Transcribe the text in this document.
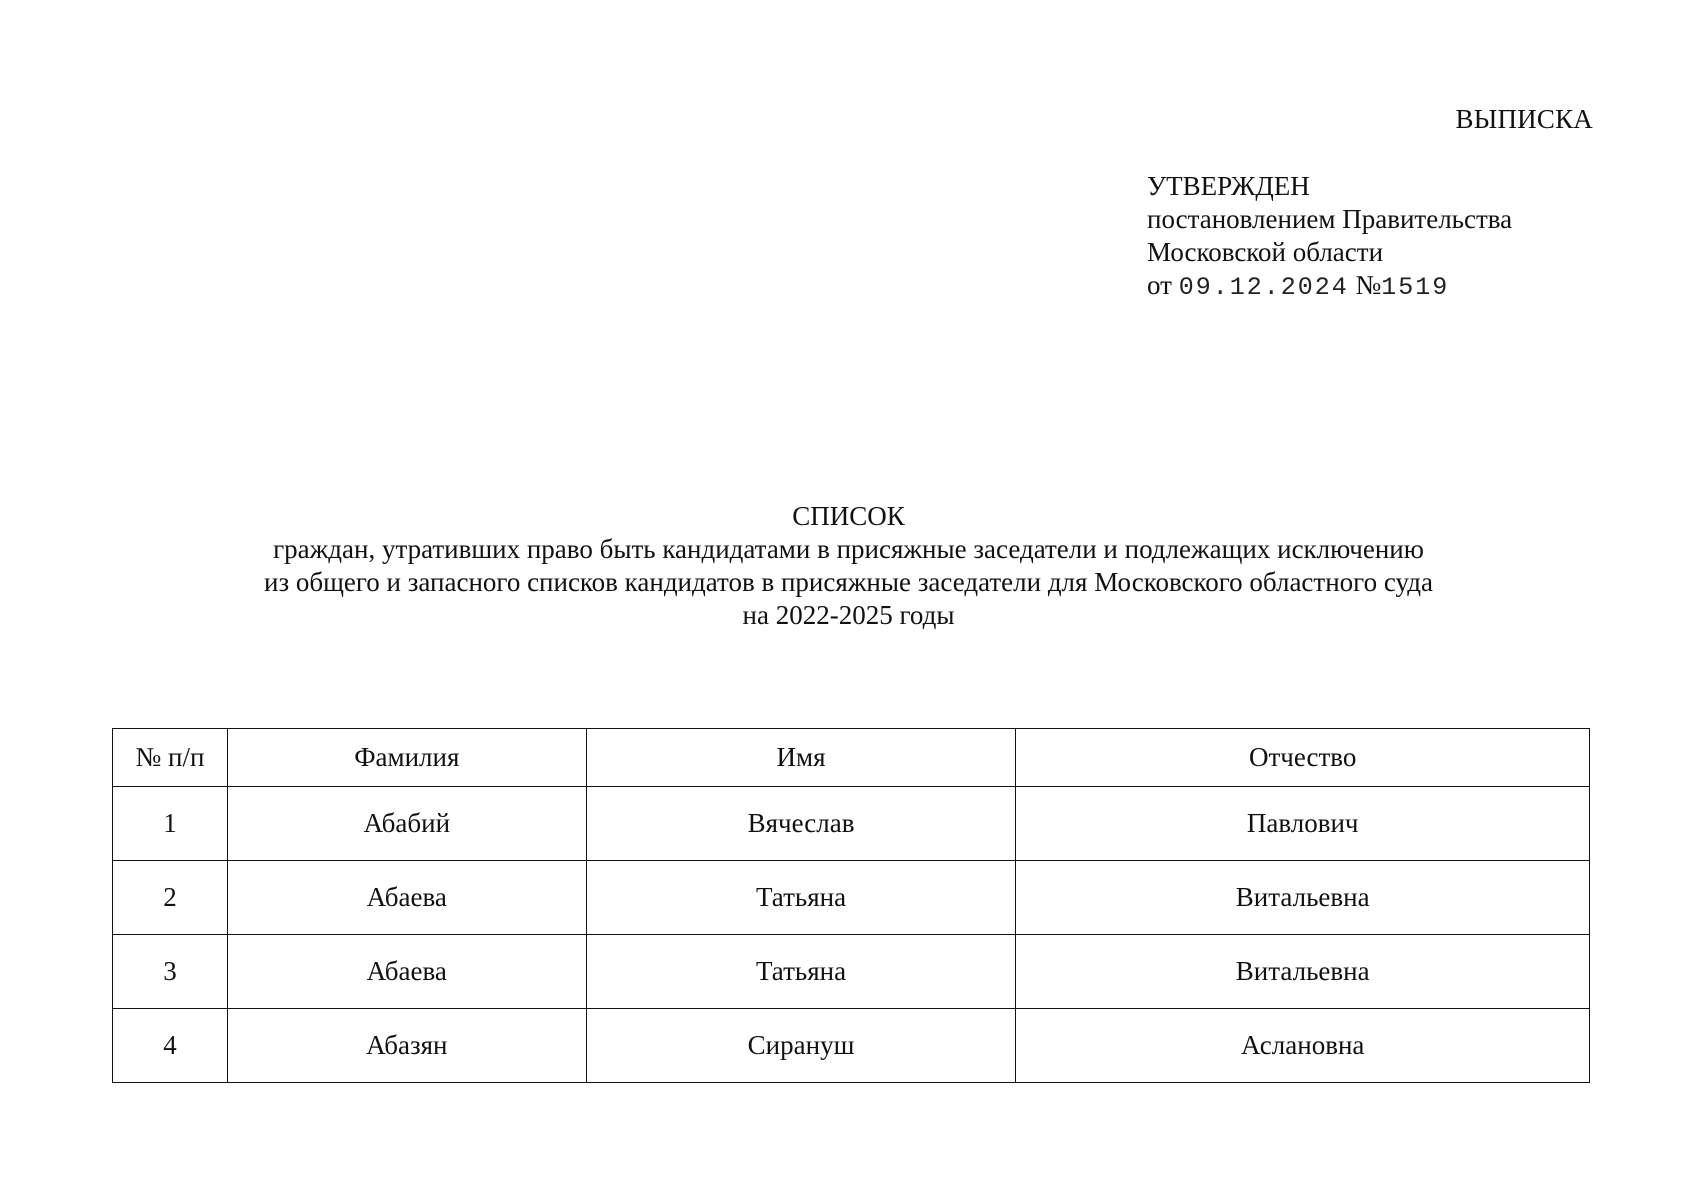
ВЫПИСКА
УТВЕРЖДЕН
постановлением Правительства
Московской области
от 09.12.2024 №1519
СПИСОК
граждан, утративших право быть кандидатами в присяжные заседатели и подлежащих исключению
из общего и запасного списков кандидатов в присяжные заседатели для Московского областного суда
на 2022-2025 годы
№ п/п	Фамилия	Имя	Отчество
1	Абабий	Вячеслав	Павлович
2	Абаева	Татьяна	Витальевна
3	Абаева	Татьяна	Витальевна
4	Абазян	Сирануш	Аслановна
